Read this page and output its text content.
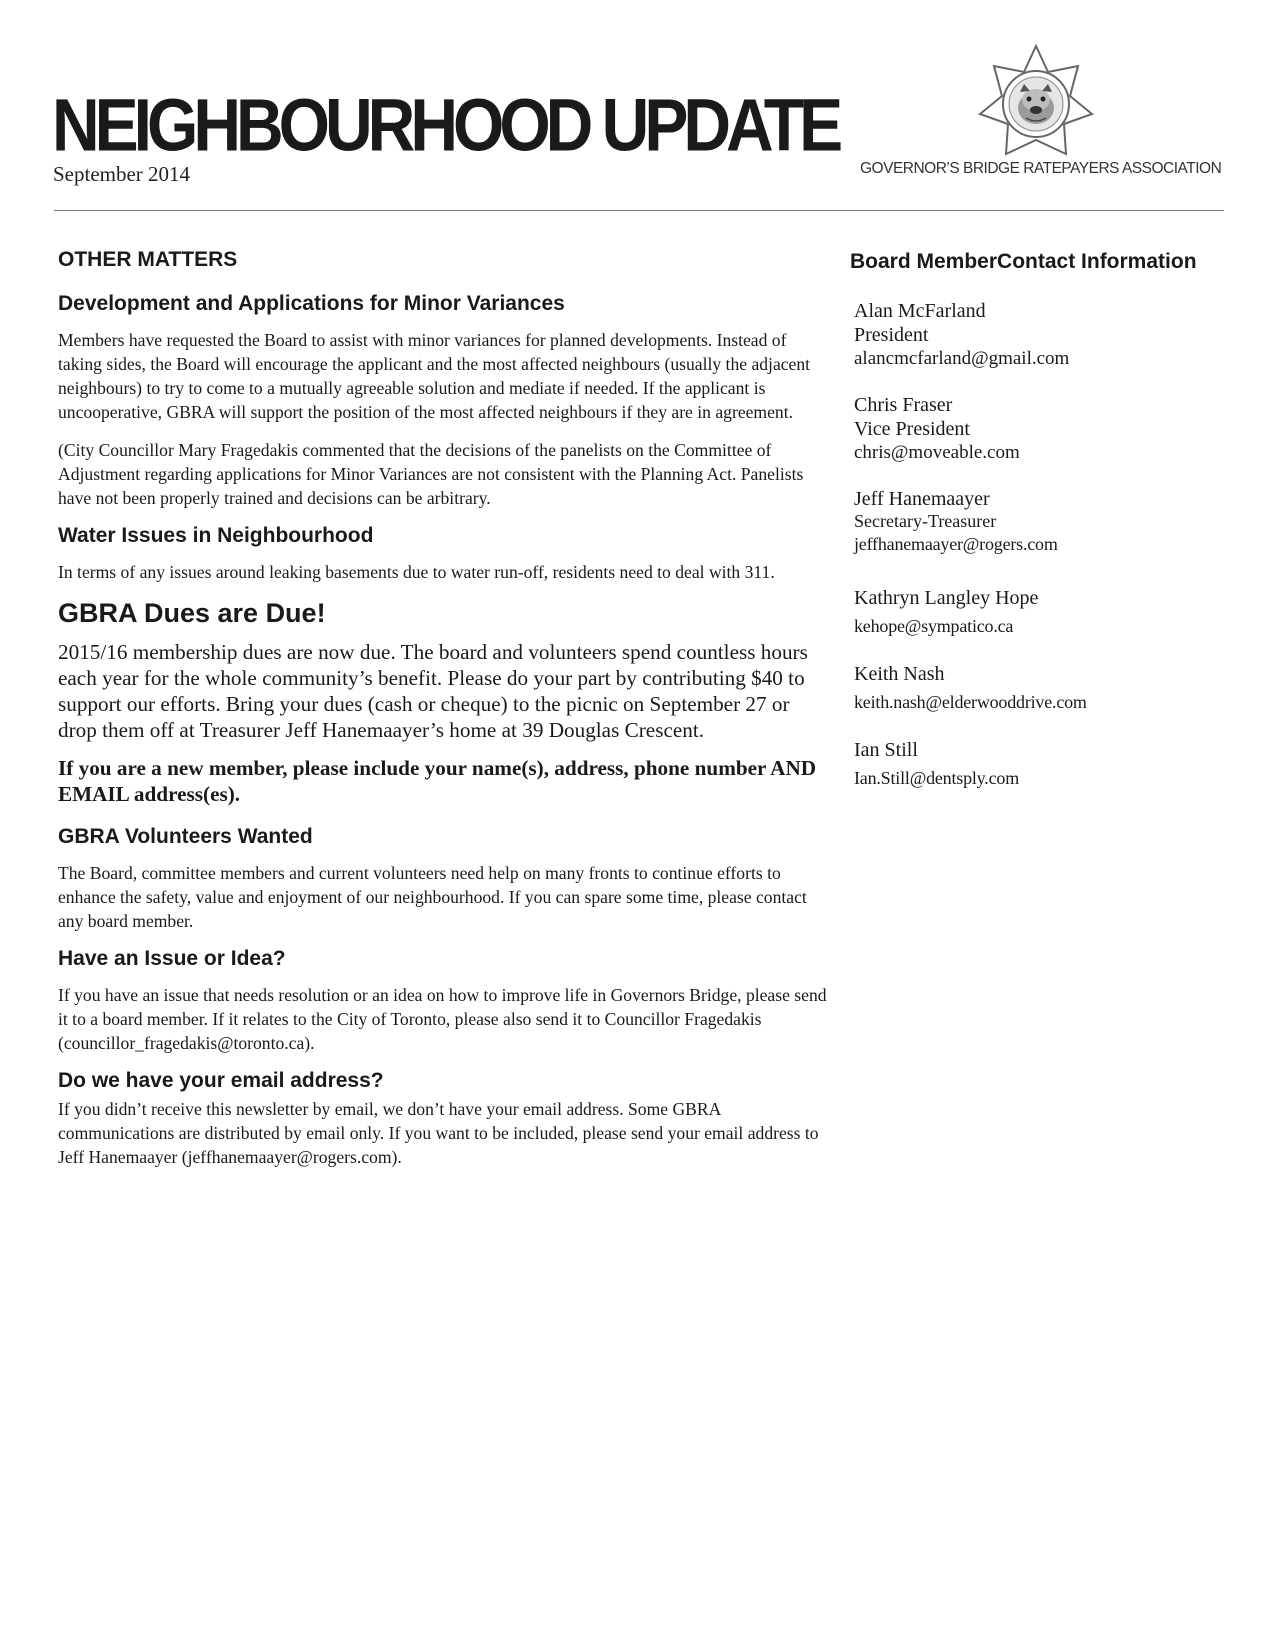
NEIGHBOURHOOD UPDATE
September 2014	GOVERNOR’S BRIDGE RATEPAYERS ASSOCIATION
OTHER MATTERS
Development and Applications for Minor Variances

Members have requested the Board to assist with minor variances for planned developments. Instead of taking sides, the Board will encourage the applicant and the most affected neighbours (usually the adjacent neighbours) to try to come to a mutually agreeable solution and mediate if needed. If the applicant is uncooperative, GBRA will support the position of the most affected neighbours if they are in agreement.

(City Councillor Mary Fragedakis commented that the decisions of the panelists on the Committee of Adjustment regarding applications for Minor Variances are not consistent with the Planning Act. Panelists have not been properly trained and decisions can be arbitrary.

Water Issues in Neighbourhood

In terms of any issues around leaking basements due to water run-off, residents need to deal with 311.

GBRA Dues are Due!

2015/16 membership dues are now due. The board and volunteers spend countless hours each year for the whole community’s benefit. Please do your part by contributing $40 to support our efforts. Bring your dues (cash or cheque) to the picnic on September 27 or drop them off at Treasurer Jeff Hanemaayer’s home at 39 Douglas Crescent.

If you are a new member, please include your name(s), address, phone number AND EMAIL address(es).

GBRA Volunteers Wanted

The Board, committee members and current volunteers need help on many fronts to continue efforts to enhance the safety, value and enjoyment of our neighbourhood. If you can spare some time, please contact any board member.

Have an Issue or Idea?

If you have an issue that needs resolution or an idea on how to improve life in Governors Bridge, please send it to a board member. If it relates to the City of Toronto, please also send it to Councillor Fragedakis (councillor_fragedakis@toronto.ca).

Do we have your email address?

If you didn’t receive this newsletter by email, we don’t have your email address. Some GBRA communications are distributed by email only. If you want to be included, please send your email address to Jeff Hanemaayer (jeffhanemaayer@rogers.com).

Board MemberContact Information
Alan McFarland
President
alancmcfarland@gmail.com
Chris Fraser
Vice President
chris@moveable.com
Jeff Hanemaayer
Secretary-Treasurer
jeffhanemaayer@rogers.com
Kathryn Langley Hope
kehope@sympatico.ca
Keith Nash
keith.nash@elderwooddrive.com
Ian Still
Ian.Still@dentsply.com
